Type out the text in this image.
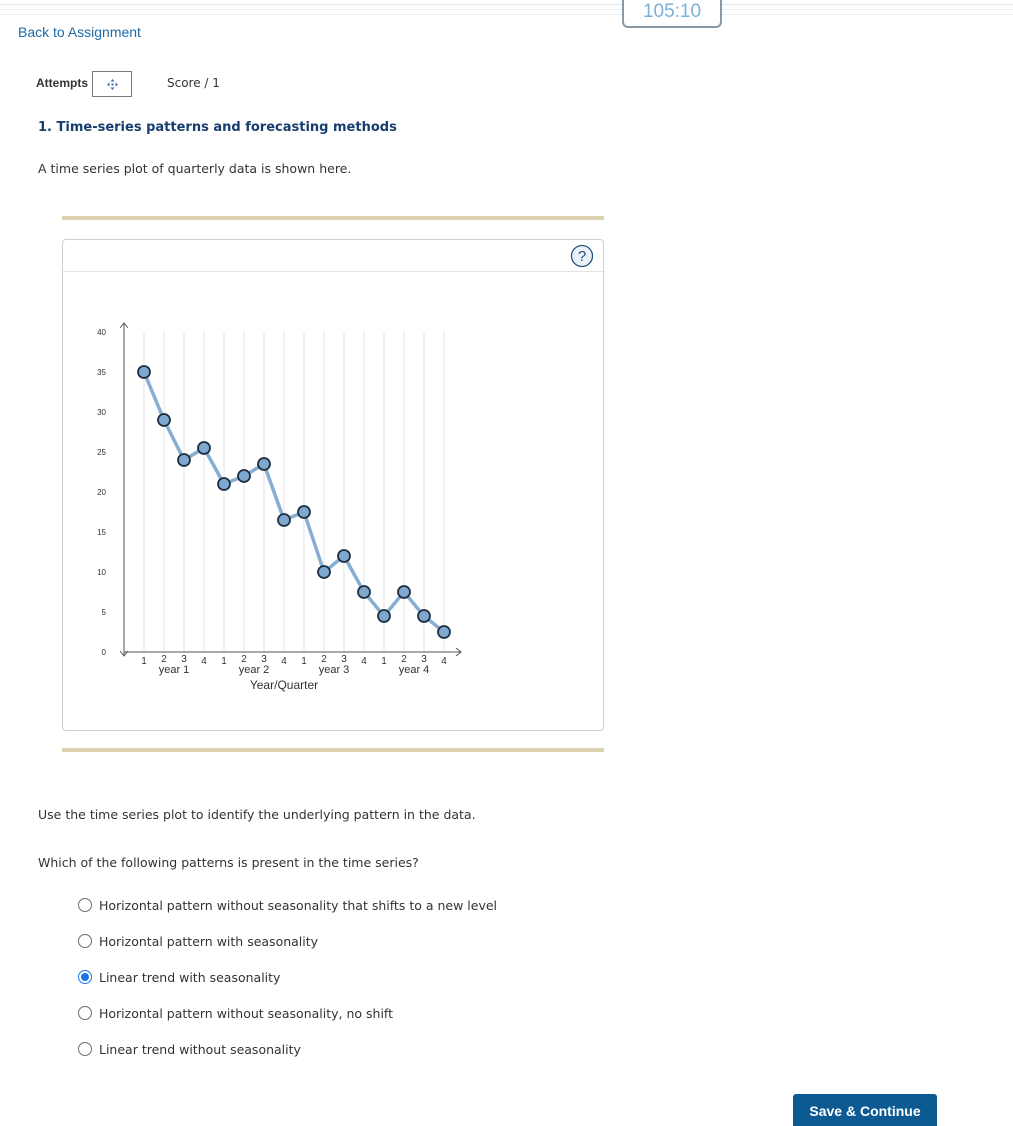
105:10
Back to Assignment
Attempts	Score / 1
1. Time-series patterns and forecasting methods
A time series plot of quarterly data is shown here.
?
0
5
10
15
20
25
30
35
40
1 2 3 4 1 2 3 4 1 2 3 4 1 2 3 4
year 1	year 2	year 3	year 4
Year/Quarter
Use the time series plot to identify the underlying pattern in the data.
Which of the following patterns is present in the time series?
Horizontal pattern without seasonality that shifts to a new level
Horizontal pattern with seasonality
Linear trend with seasonality
Horizontal pattern without seasonality, no shift
Linear trend without seasonality
Save & Continue
